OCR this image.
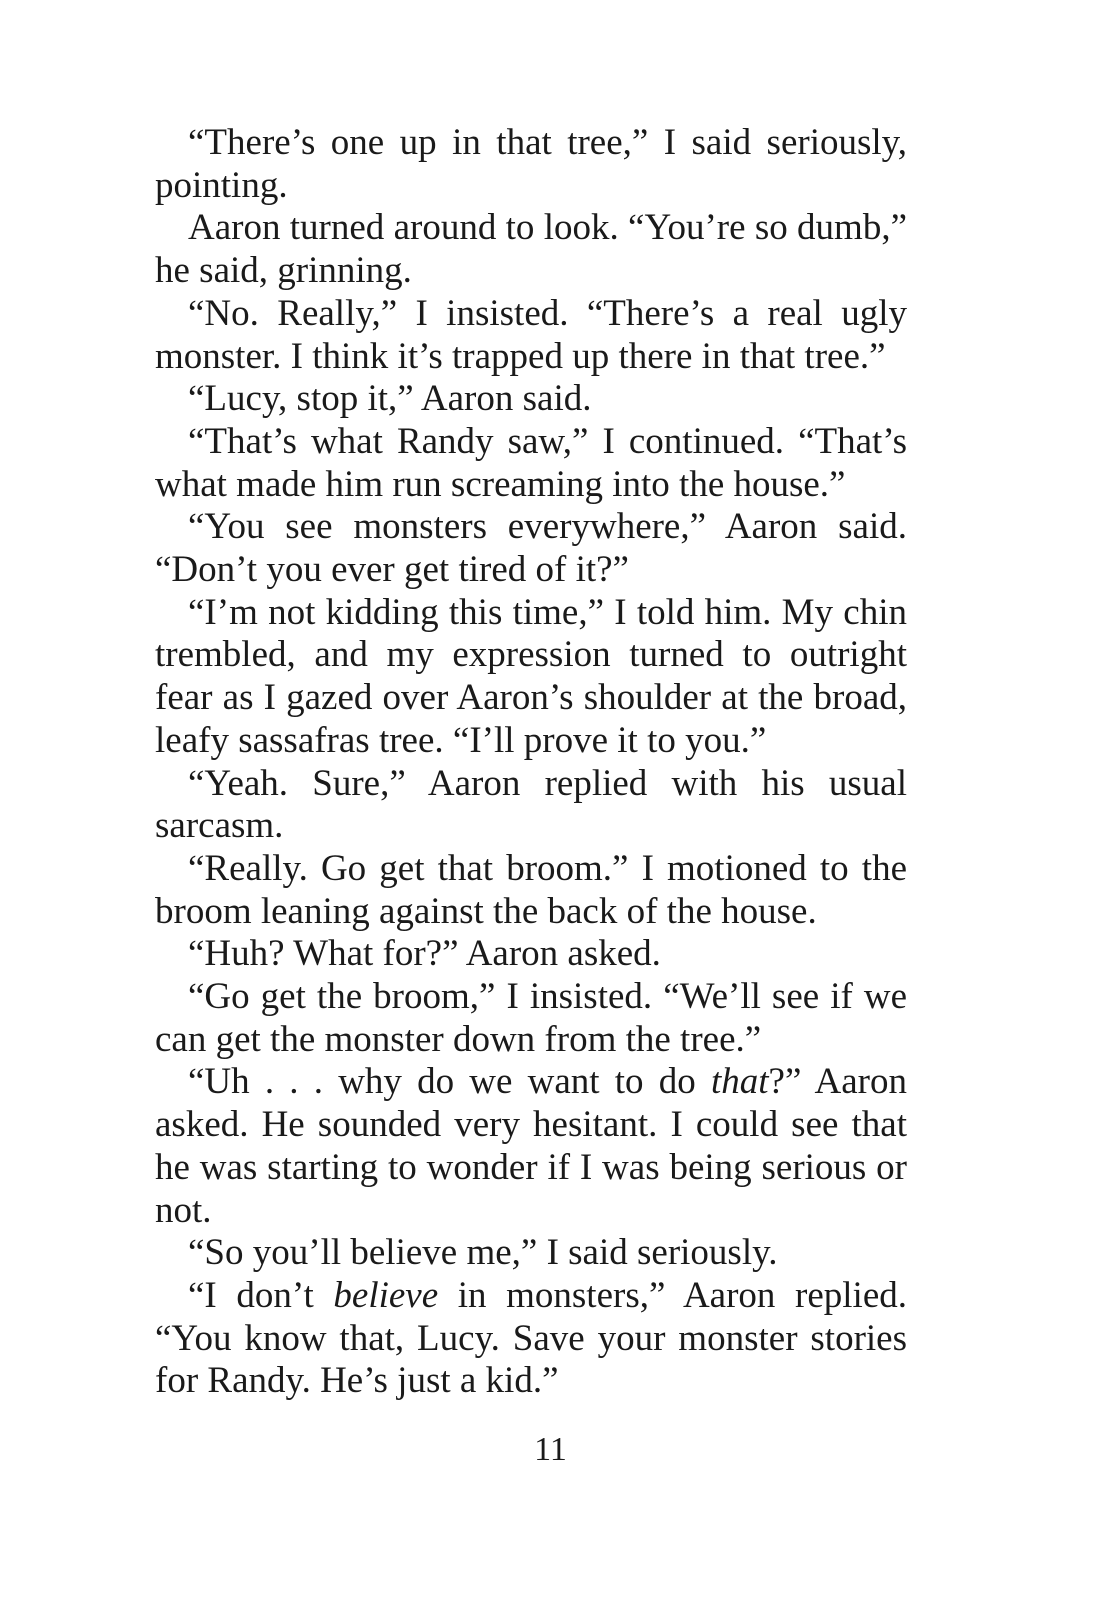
“There’s one up in that tree,” I said seriously, pointing.

Aaron turned around to look. “You’re so dumb,” he said, grinning.

“No. Really,” I insisted. “There’s a real ugly monster. I think it’s trapped up there in that tree.”

“Lucy, stop it,” Aaron said.

“That’s what Randy saw,” I continued. “That’s what made him run screaming into the house.”

“You see monsters everywhere,” Aaron said. “Don’t you ever get tired of it?”

“I’m not kidding this time,” I told him. My chin trembled, and my expression turned to outright fear as I gazed over Aaron’s shoulder at the broad, leafy sassafras tree. “I’ll prove it to you.”

“Yeah. Sure,” Aaron replied with his usual sarcasm.

“Really. Go get that broom.” I motioned to the broom leaning against the back of the house.

“Huh? What for?” Aaron asked.

“Go get the broom,” I insisted. “We’ll see if we can get the monster down from the tree.”

“Uh . . . why do we want to do that?” Aaron asked. He sounded very hesitant. I could see that he was starting to wonder if I was being serious or not.

“So you’ll believe me,” I said seriously.

“I don’t believe in monsters,” Aaron replied. “You know that, Lucy. Save your monster stories for Randy. He’s just a kid.”

11
